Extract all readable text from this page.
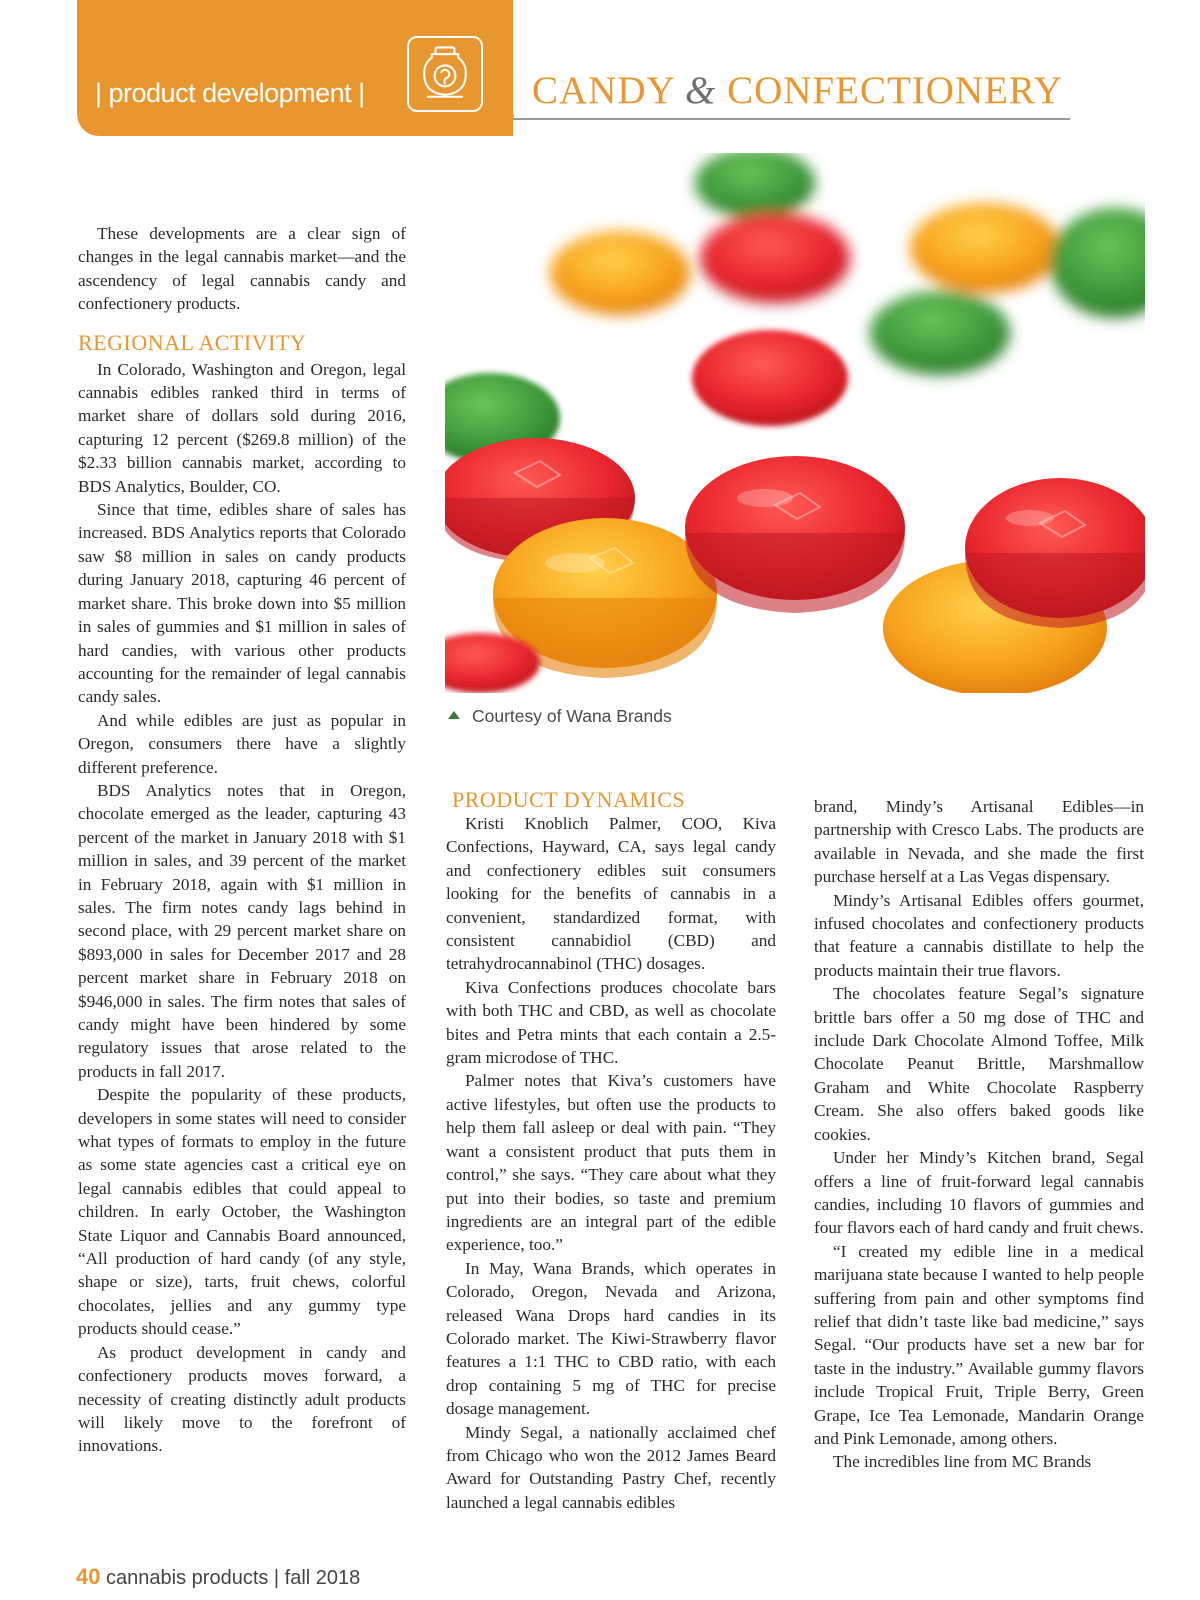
| product development |	CANDY & CONFECTIONERY
Courtesy of Wana Brands

These developments are a clear sign of changes in the legal cannabis market—and the ascendency of legal cannabis candy and confectionery products.

REGIONAL ACTIVITY

In Colorado, Washington and Oregon, legal cannabis edibles ranked third in terms of market share of dollars sold during 2016, capturing 12 percent ($269.8 million) of the $2.33 billion cannabis market, according to BDS Analytics, Boulder, CO.

Since that time, edibles share of sales has increased. BDS Analytics reports that Colorado saw $8 million in sales on candy products during January 2018, capturing 46 percent of market share. This broke down into $5 million in sales of gummies and $1 million in sales of hard candies, with various other products accounting for the remainder of legal cannabis candy sales.

And while edibles are just as popular in Oregon, consumers there have a slightly different preference.

BDS Analytics notes that in Oregon, chocolate emerged as the leader, capturing 43 percent of the market in January 2018 with $1 million in sales, and 39 percent of the market in February 2018, again with $1 million in sales. The firm notes candy lags behind in second place, with 29 percent market share on $893,000 in sales for December 2017 and 28 percent market share in February 2018 on $946,000 in sales. The firm notes that sales of candy might have been hindered by some regulatory issues that arose related to the products in fall 2017.

Despite the popularity of these products, developers in some states will need to consider what types of formats to employ in the future as some state agencies cast a critical eye on legal cannabis edibles that could appeal to children. In early October, the Washington State Liquor and Cannabis Board announced, “All production of hard candy (of any style, shape or size), tarts, fruit chews, colorful chocolates, jellies and any gummy type products should cease.”

As product development in candy and confectionery products moves forward, a necessity of creating distinctly adult products will likely move to the forefront of innovations.

PRODUCT DYNAMICS

Kristi Knoblich Palmer, COO, Kiva Confections, Hayward, CA, says legal candy and confectionery edibles suit consumers looking for the benefits of cannabis in a convenient, standardized format, with consistent cannabidiol (CBD) and tetrahydrocannabinol (THC) dosages.

Kiva Confections produces chocolate bars with both THC and CBD, as well as chocolate bites and Petra mints that each contain a 2.5-gram microdose of THC.

Palmer notes that Kiva’s customers have active lifestyles, but often use the products to help them fall asleep or deal with pain. “They want a consistent product that puts them in control,” she says. “They care about what they put into their bodies, so taste and premium ingredients are an integral part of the edible experience, too.”

In May, Wana Brands, which operates in Colorado, Oregon, Nevada and Arizona, released Wana Drops hard candies in its Colorado market. The Kiwi-Strawberry flavor features a 1:1 THC to CBD ratio, with each drop containing 5 mg of THC for precise dosage management.

Mindy Segal, a nationally acclaimed chef from Chicago who won the 2012 James Beard Award for Outstanding Pastry Chef, recently launched a legal cannabis edibles

brand, Mindy’s Artisanal Edibles—in partnership with Cresco Labs. The products are available in Nevada, and she made the first purchase herself at a Las Vegas dispensary.

Mindy’s Artisanal Edibles offers gourmet, infused chocolates and confectionery products that feature a cannabis distillate to help the products maintain their true flavors.

The chocolates feature Segal’s signature brittle bars offer a 50 mg dose of THC and include Dark Chocolate Almond Toffee, Milk Chocolate Peanut Brittle, Marshmallow Graham and White Chocolate Raspberry Cream. She also offers baked goods like cookies.

Under her Mindy’s Kitchen brand, Segal offers a line of fruit-forward legal cannabis candies, including 10 flavors of gummies and four flavors each of hard candy and fruit chews.

“I created my edible line in a medical marijuana state because I wanted to help people suffering from pain and other symptoms find relief that didn’t taste like bad medicine,” says Segal. “Our products have set a new bar for taste in the industry.” Available gummy flavors include Tropical Fruit, Triple Berry, Green Grape, Ice Tea Lemonade, Mandarin Orange and Pink Lemonade, among others.

The incredibles line from MC Brands

40 cannabis products | fall 2018
